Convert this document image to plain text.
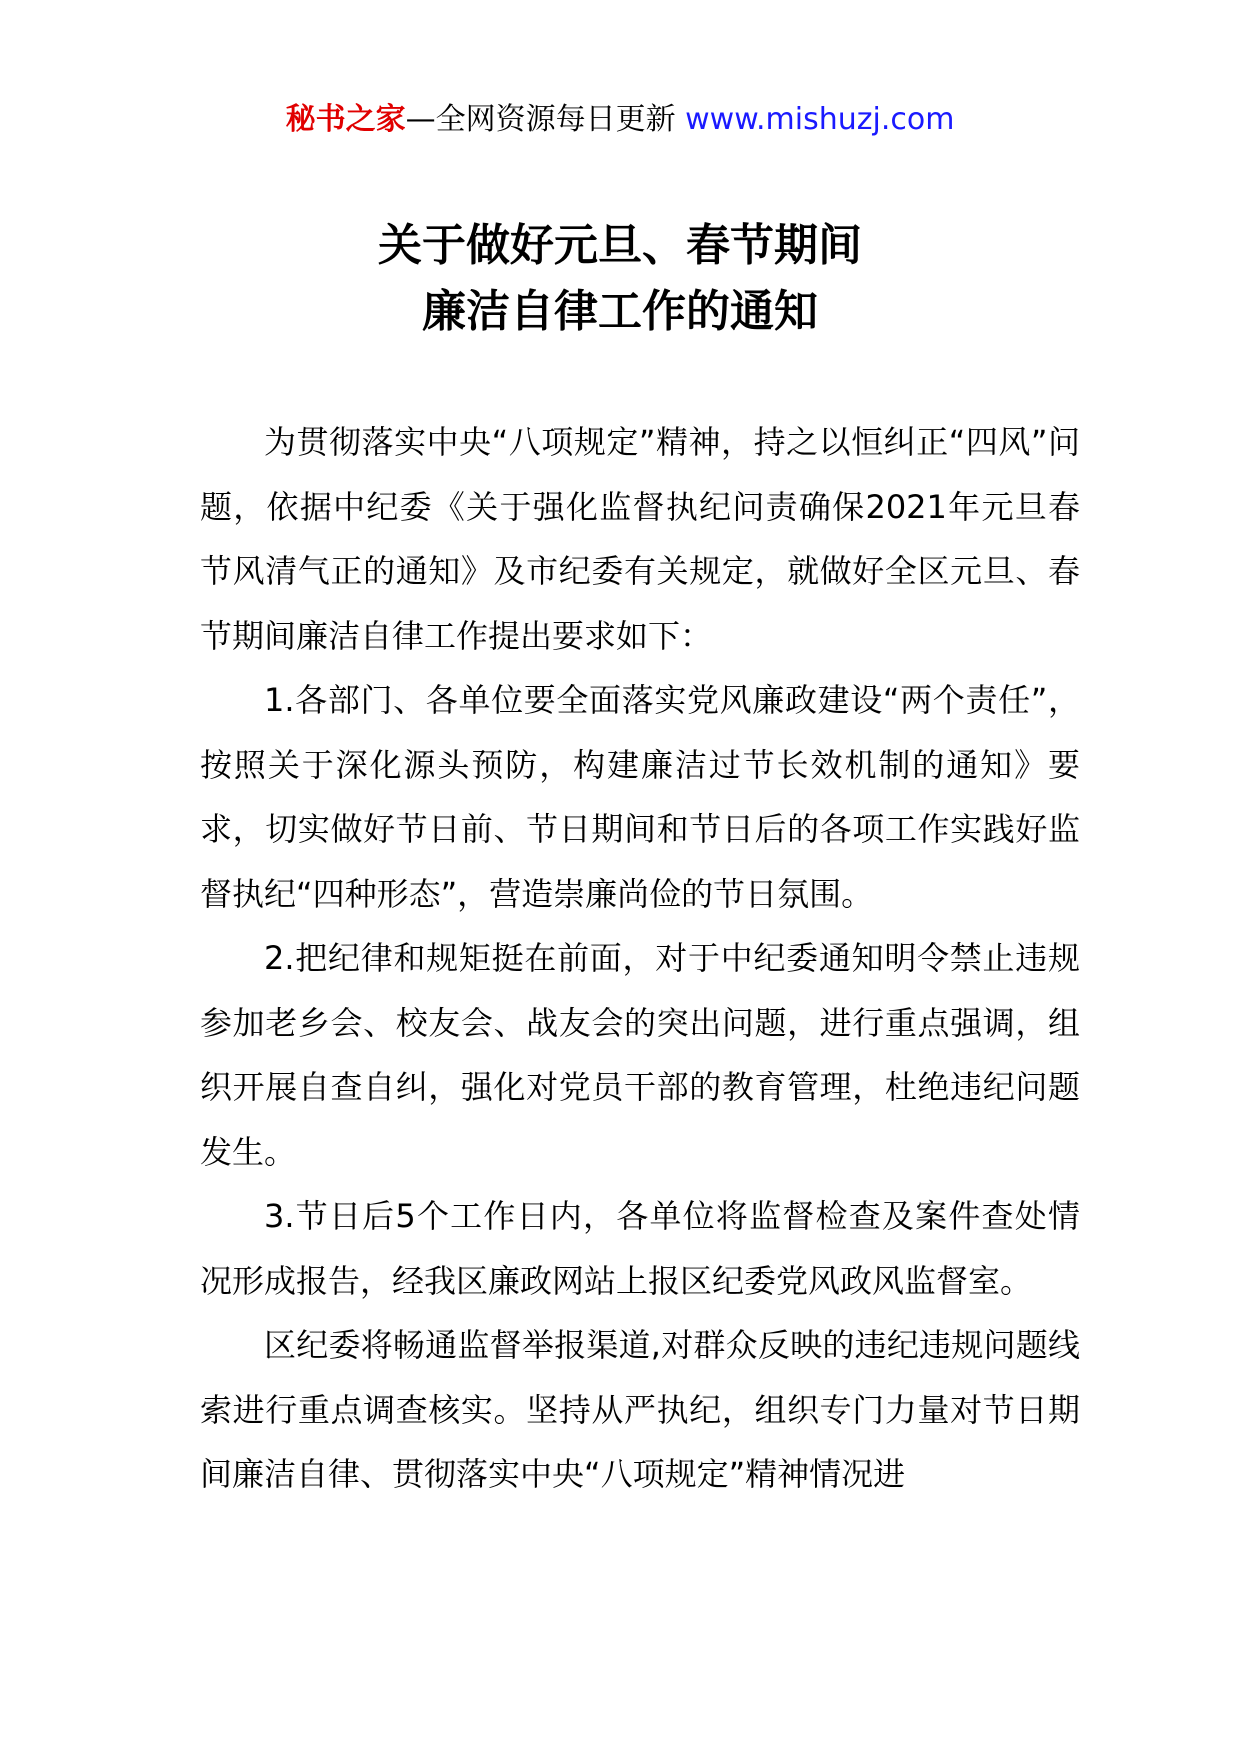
秘书之家—全网资源每日更新 www.mishuzj.com
关于做好元旦、春节期间
廉洁自律工作的通知

为贯彻落实中央“八项规定”精神，持之以恒纠正“四风”问题，依据中纪委《关于强化监督执纪问责确保2021年元旦春节风清气正的通知》及市纪委有关规定，就做好全区元旦、春节期间廉洁自律工作提出要求如下：

1.各部门、各单位要全面落实党风廉政建设“两个责任”，按照关于深化源头预防，构建廉洁过节长效机制的通知》要求，切实做好节日前、节日期间和节日后的各项工作实践好监督执纪“四种形态”，营造崇廉尚俭的节日氛围。

2.把纪律和规矩挺在前面，对于中纪委通知明令禁止违规参加老乡会、校友会、战友会的突出问题，进行重点强调，组织开展自查自纠，强化对党员干部的教育管理，杜绝违纪问题发生。

3.节日后5个工作日内，各单位将监督检查及案件查处情况形成报告，经我区廉政网站上报区纪委党风政风监督室。

区纪委将畅通监督举报渠道,对群众反映的违纪违规问题线索进行重点调查核实。坚持从严执纪，组织专门力量对节日期间廉洁自律、贯彻落实中央“八项规定”精神情况进
